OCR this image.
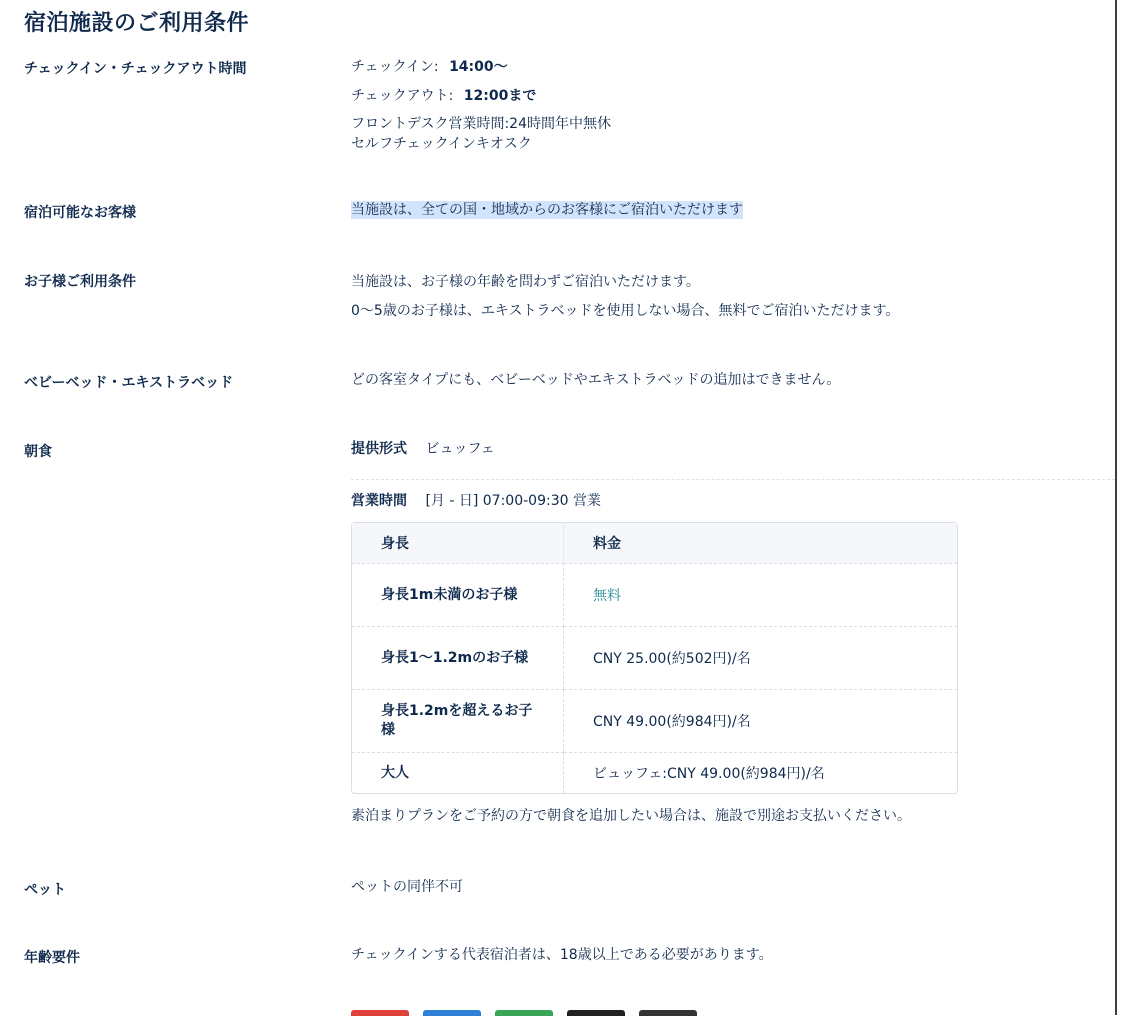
宿泊施設のご利用条件
チェックイン・チェックアウト時間	チェックイン: 14:00～
チェックアウト: 12:00まで
フロントデスク営業時間:24時間年中無休
セルフチェックインキオスク
宿泊可能なお客様	当施設は、全ての国・地域からのお客様にご宿泊いただけます
お子様ご利用条件	当施設は、お子様の年齢を問わずご宿泊いただけます。
0～5歳のお子様は、エキストラベッドを使用しない場合、無料でご宿泊いただけます。
ベビーベッド・エキストラベッド	どの客室タイプにも、ベビーベッドやエキストラベッドの追加はできません。
朝食	提供形式 ビュッフェ
営業時間 [月 - 日] 07:00-09:30 営業
身長	料金
身長1m未満のお子様	無料
身長1～1.2mのお子様	CNY 25.00(約502円)/名
身長1.2mを超えるお子様	CNY 49.00(約984円)/名
大人	ビュッフェ:CNY 49.00(約984円)/名
素泊まりプランをご予約の方で朝食を追加したい場合は、施設で別途お支払いください。
ペット	ペットの同伴不可
年齢要件	チェックインする代表宿泊者は、18歳以上である必要があります。
